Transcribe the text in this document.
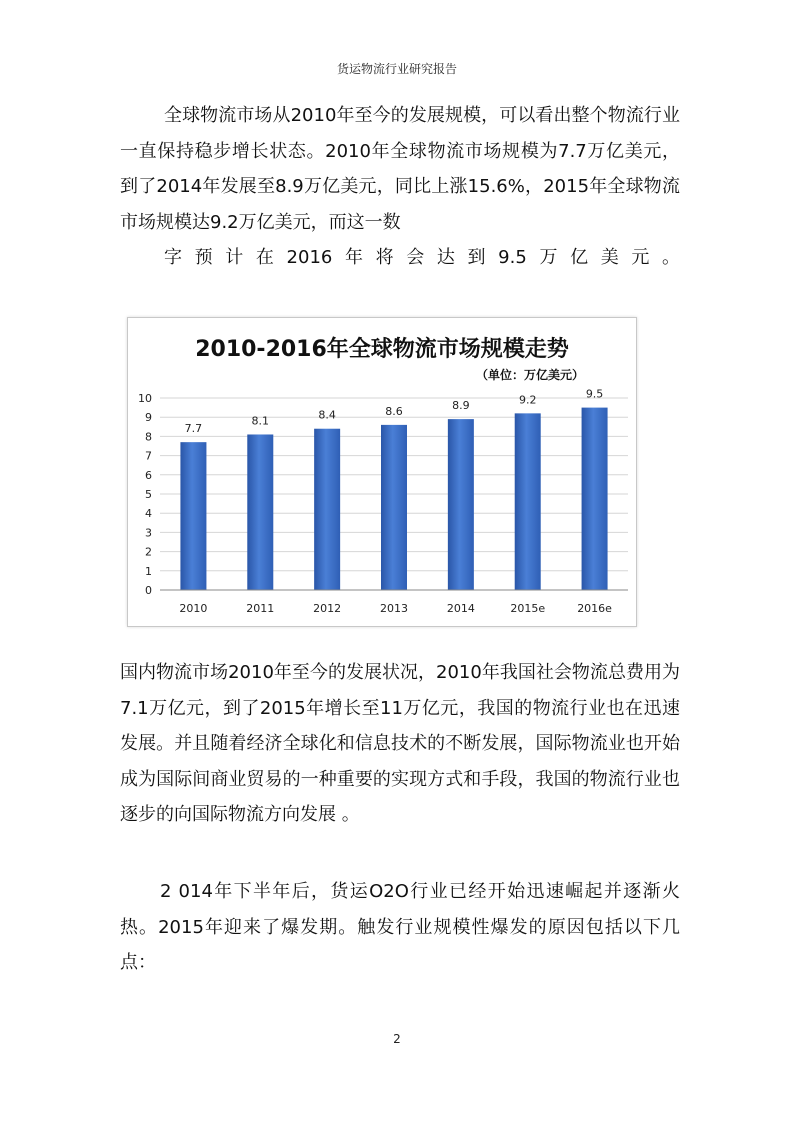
货运物流行业研究报告

全球物流市场从2010年至今的发展规模，可以看出整个物流行业一直保持稳步增长状态。2010年全球物流市场规模为7.7万亿美元，到了2014年发展至8.9万亿美元，同比上涨15.6%，2015年全球物流市场规模达9.2万亿美元，而这一数
字预计在2016年将会达到9.5万亿美元。

2010-2016年全球物流市场规模走势
（单位：万亿美元）
7.7
8.1	8.4	8.6	8.9	9.2	9.5
0
1
2
3
4
5
6
7
8
9
10
2010	2011	2012	2013	2014	2015e	2016e

国内物流市场2010年至今的发展状况，2010年我国社会物流总费用为7.1万亿元，到了2015年增长至11万亿元，我国的物流行业也在迅速发展。并且随着经济全球化和信息技术的不断发展，国际物流业也开始成为国际间商业贸易的一种重要的实现方式和手段，我国的物流行业也逐步的向国际物流方向发展 。

2 014年下半年后，货运O2O行业已经开始迅速崛起并逐渐火热。2015年迎来了爆发期。触发行业规模性爆发的原因包括以下几点：

2
